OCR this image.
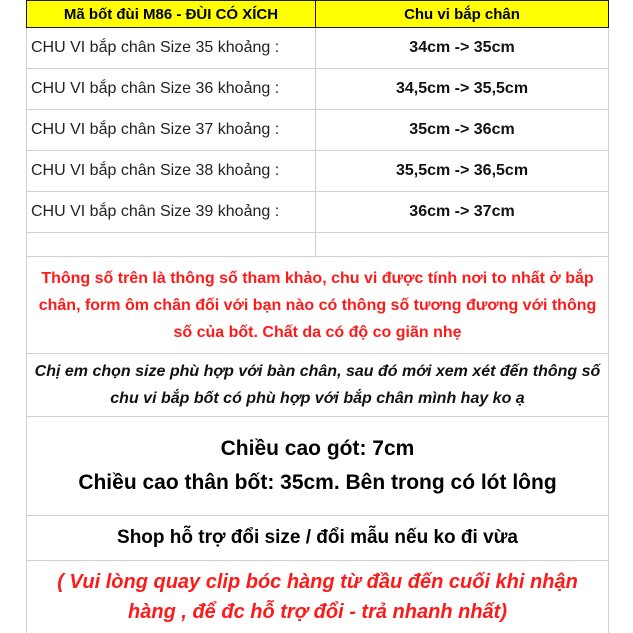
Mã bốt đùi M86 - ĐÙI CÓ XÍCH	Chu vi bắp chân
CHU VI bắp chân Size 35 khoảng :	34cm -> 35cm
CHU VI bắp chân Size 36 khoảng :	34,5cm -> 35,5cm
CHU VI bắp chân Size 37 khoảng :	35cm -> 36cm
CHU VI bắp chân Size 38 khoảng :	35,5cm -> 36,5cm
CHU VI bắp chân Size 39 khoảng :	36cm -> 37cm
Thông số trên là thông số tham khảo, chu vi được tính nơi to nhất ở bắp chân, form ôm chân đối với bạn nào có thông số tương đương với thông số của bốt. Chất da có độ co giãn nhẹ
Chị em chọn size phù hợp với bàn chân, sau đó mới xem xét đến thông số chu vi bắp bốt có phù hợp với bắp chân mình hay ko ạ
Chiều cao gót: 7cm
Chiều cao thân bốt: 35cm. Bên trong có lót lông
Shop hỗ trợ đổi size / đổi mẫu nếu ko đi vừa
( Vui lòng quay clip bóc hàng từ đầu đến cuối khi nhận hàng , để đc hỗ trợ đổi - trả nhanh nhất)
